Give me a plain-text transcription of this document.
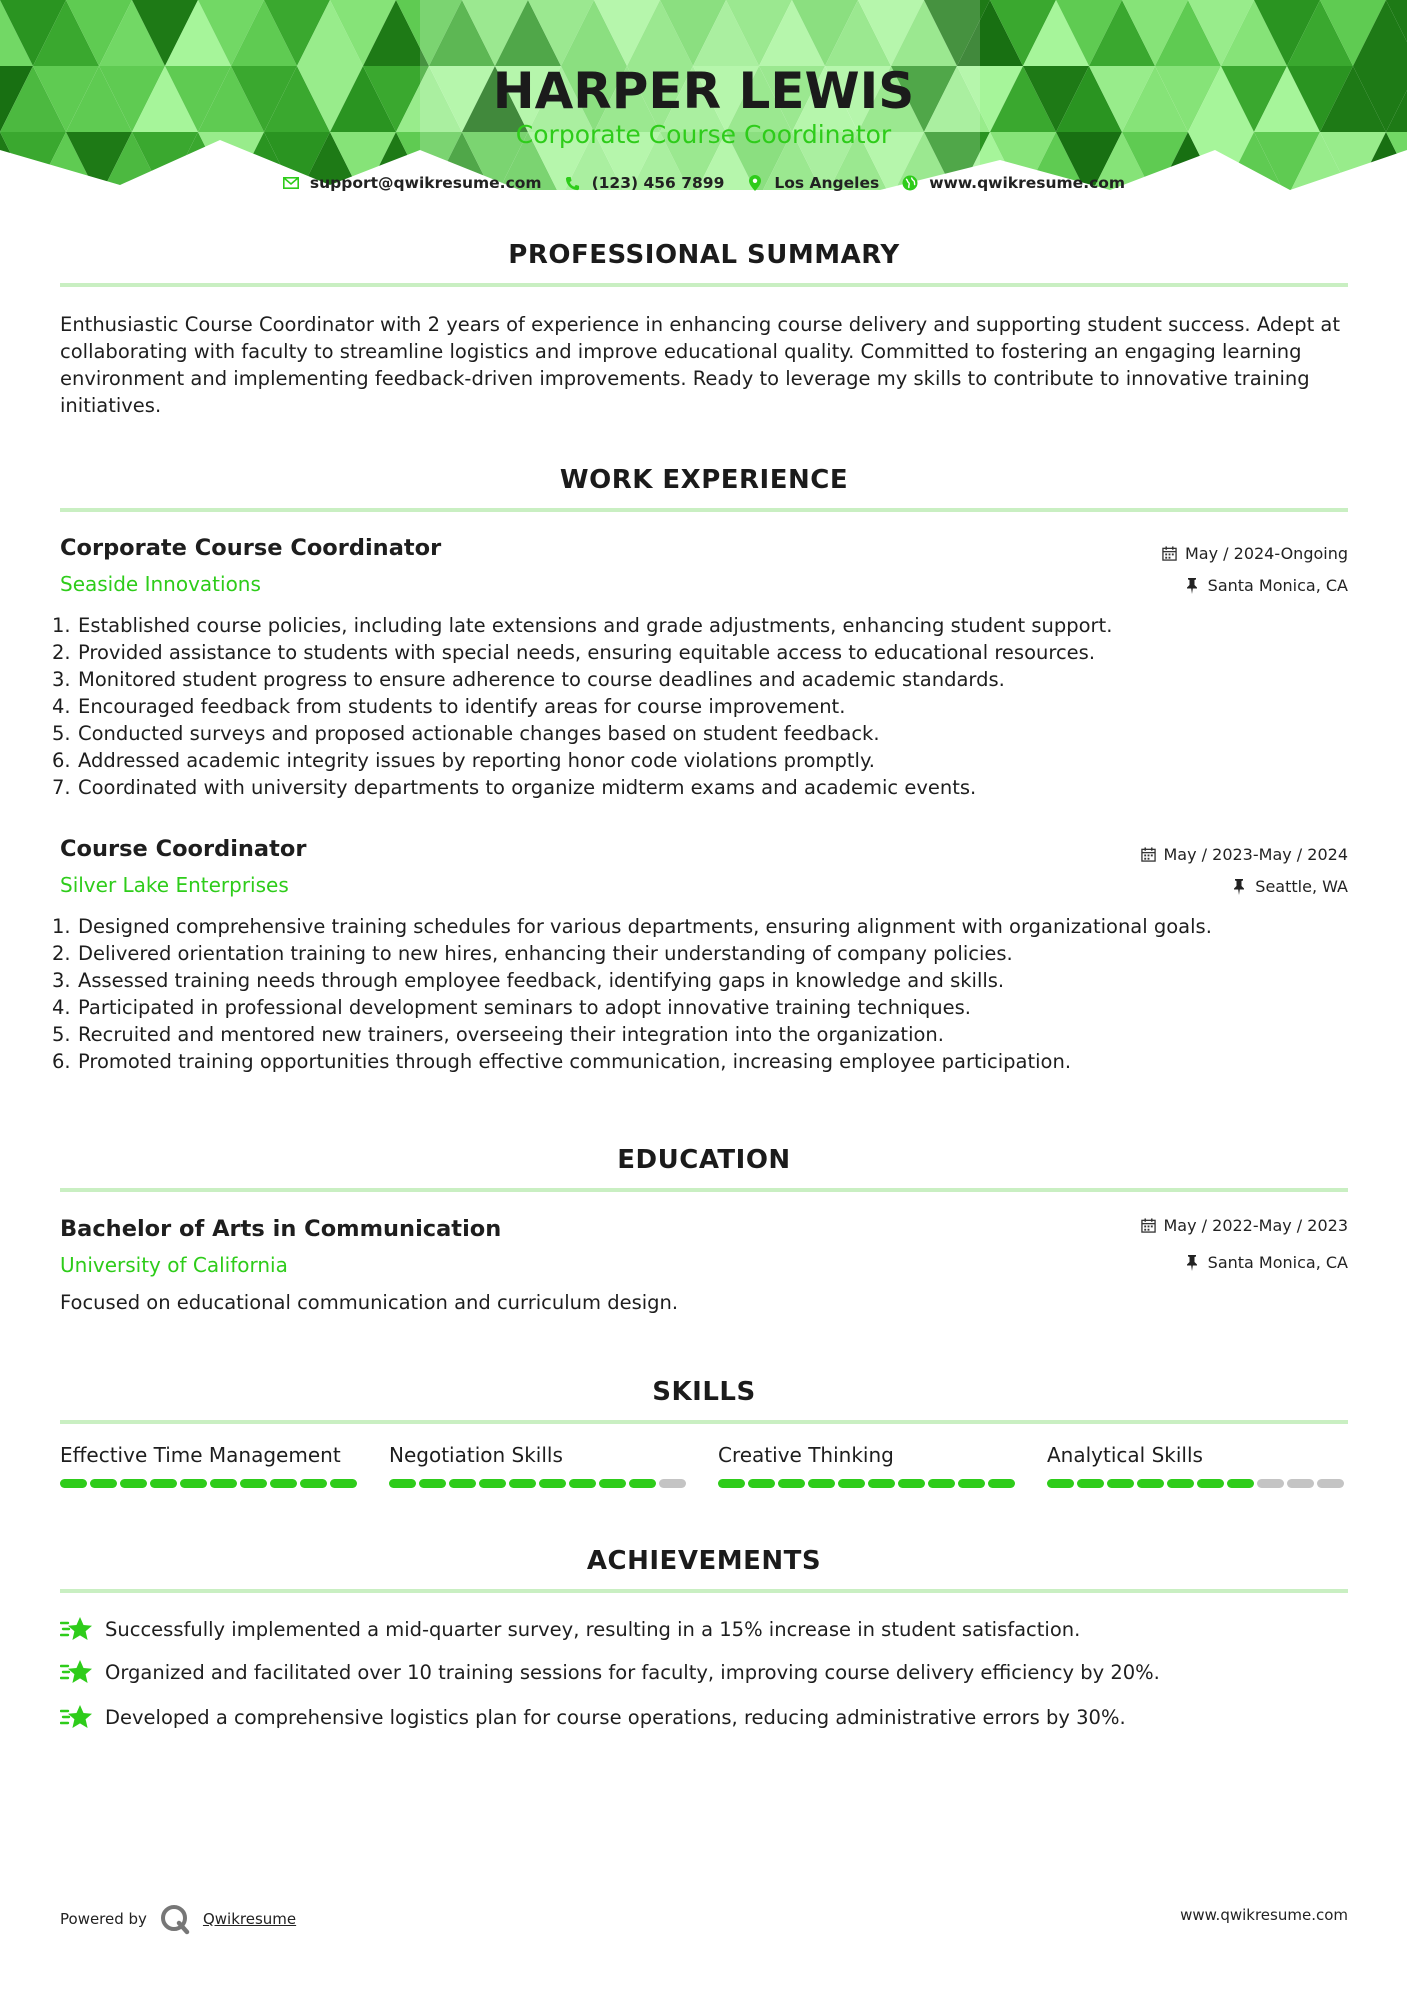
HARPER LEWIS
Corporate Course Coordinator
support@qwikresume.com	(123) 456 7899	Los Angeles	www.qwikresume.com
PROFESSIONAL SUMMARY
Enthusiastic Course Coordinator with 2 years of experience in enhancing course delivery and supporting student success. Adept at collaborating with faculty to streamline logistics and improve educational quality. Committed to fostering an engaging learning environment and implementing feedback-driven improvements. Ready to leverage my skills to contribute to innovative training initiatives.
WORK EXPERIENCE
Corporate Course Coordinator	May / 2024-Ongoing
Seaside Innovations	Santa Monica, CA
1. Established course policies, including late extensions and grade adjustments, enhancing student support.
2. Provided assistance to students with special needs, ensuring equitable access to educational resources.
3. Monitored student progress to ensure adherence to course deadlines and academic standards.
4. Encouraged feedback from students to identify areas for course improvement.
5. Conducted surveys and proposed actionable changes based on student feedback.
6. Addressed academic integrity issues by reporting honor code violations promptly.
7. Coordinated with university departments to organize midterm exams and academic events.
Course Coordinator	May / 2023-May / 2024
Silver Lake Enterprises	Seattle, WA
1. Designed comprehensive training schedules for various departments, ensuring alignment with organizational goals.
2. Delivered orientation training to new hires, enhancing their understanding of company policies.
3. Assessed training needs through employee feedback, identifying gaps in knowledge and skills.
4. Participated in professional development seminars to adopt innovative training techniques.
5. Recruited and mentored new trainers, overseeing their integration into the organization.
6. Promoted training opportunities through effective communication, increasing employee participation.
EDUCATION
Bachelor of Arts in Communication	May / 2022-May / 2023
University of California	Santa Monica, CA
Focused on educational communication and curriculum design.
SKILLS
Effective Time Management	Negotiation Skills	Creative Thinking	Analytical Skills
ACHIEVEMENTS
Successfully implemented a mid-quarter survey, resulting in a 15% increase in student satisfaction.
Organized and facilitated over 10 training sessions for faculty, improving course delivery efficiency by 20%.
Developed a comprehensive logistics plan for course operations, reducing administrative errors by 30%.
Powered by	Qwikresume	www.qwikresume.com
